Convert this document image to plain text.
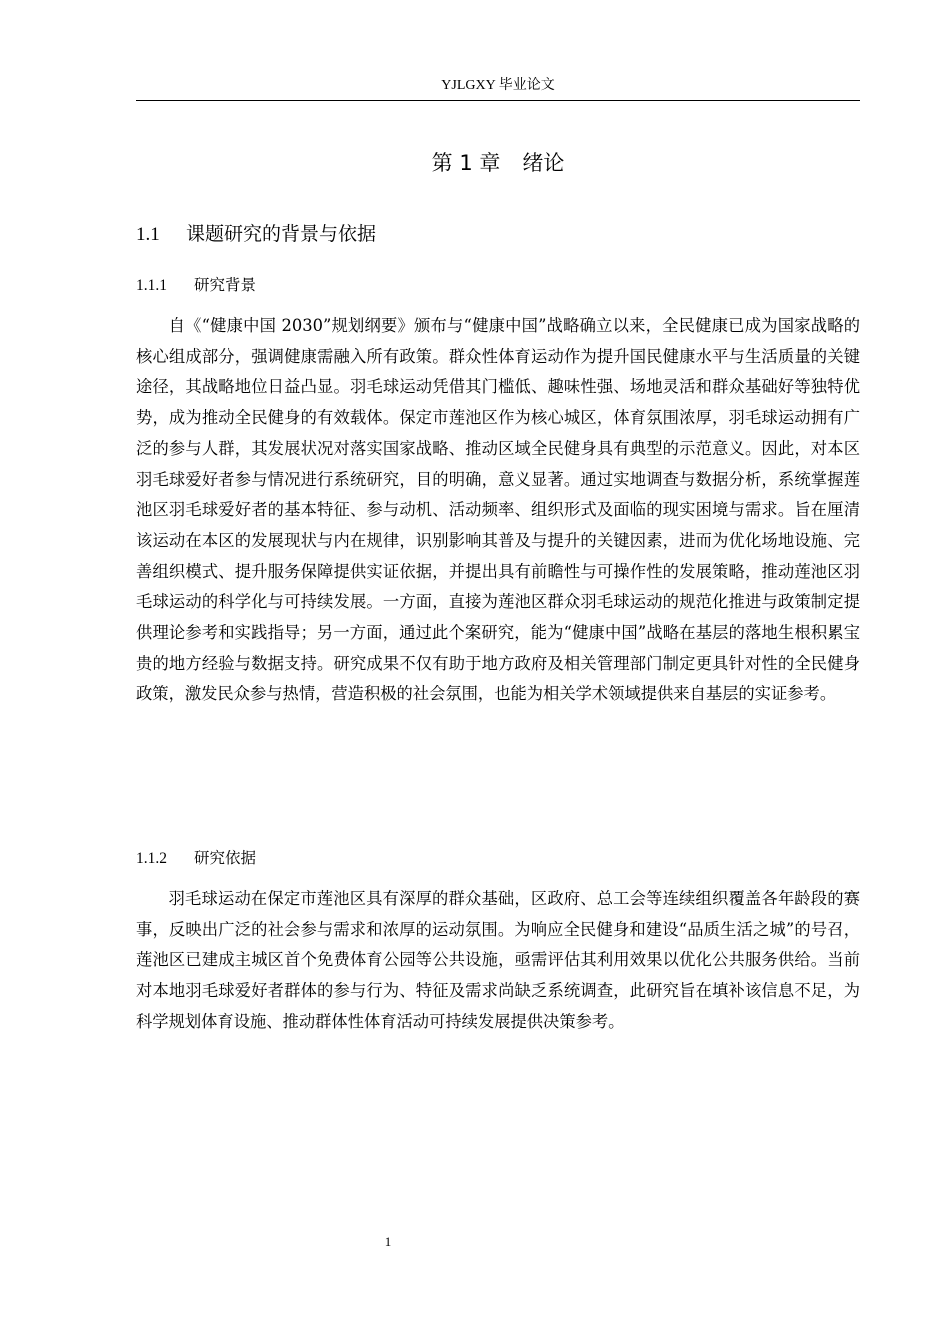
YJLGXY 毕业论文
第 1 章 绪论
1.1 课题研究的背景与依据
1.1.1 研究背景

自《“健康中国 2030”规划纲要》颁布与“健康中国”战略确立以来，全民健康已成为国家战略的核心组成部分，强调健康需融入所有政策。群众性体育运动作为提升国民健康水平与生活质量的关键途径，其战略地位日益凸显。羽毛球运动凭借其门槛低、趣味性强、场地灵活和群众基础好等独特优势，成为推动全民健身的有效载体。保定市莲池区作为核心城区，体育氛围浓厚，羽毛球运动拥有广泛的参与人群，其发展状况对落实国家战略、推动区域全民健身具有典型的示范意义。因此，对本区羽毛球爱好者参与情况进行系统研究，目的明确，意义显著。通过实地调查与数据分析，系统掌握莲池区羽毛球爱好者的基本特征、参与动机、活动频率、组织形式及面临的现实困境与需求。旨在厘清该运动在本区的发展现状与内在规律，识别影响其普及与提升的关键因素，进而为优化场地设施、完善组织模式、提升服务保障提供实证依据，并提出具有前瞻性与可操作性的发展策略，推动莲池区羽毛球运动的科学化与可持续发展。一方面，直接为莲池区群众羽毛球运动的规范化推进与政策制定提供理论参考和实践指导；另一方面，通过此个案研究，能为“健康中国”战略在基层的落地生根积累宝贵的地方经验与数据支持。研究成果不仅有助于地方政府及相关管理部门制定更具针对性的全民健身政策，激发民众参与热情，营造积极的社会氛围，也能为相关学术领域提供来自基层的实证参考。

1.1.2 研究依据

羽毛球运动在保定市莲池区具有深厚的群众基础，区政府、总工会等连续组织覆盖各年龄段的赛事，反映出广泛的社会参与需求和浓厚的运动氛围。为响应全民健身和建设“品质生活之城”的号召，莲池区已建成主城区首个免费体育公园等公共设施，亟需评估其利用效果以优化公共服务供给。当前对本地羽毛球爱好者群体的参与行为、特征及需求尚缺乏系统调查，此研究旨在填补该信息不足，为科学规划体育设施、推动群体性体育活动可持续发展提供决策参考。

1
